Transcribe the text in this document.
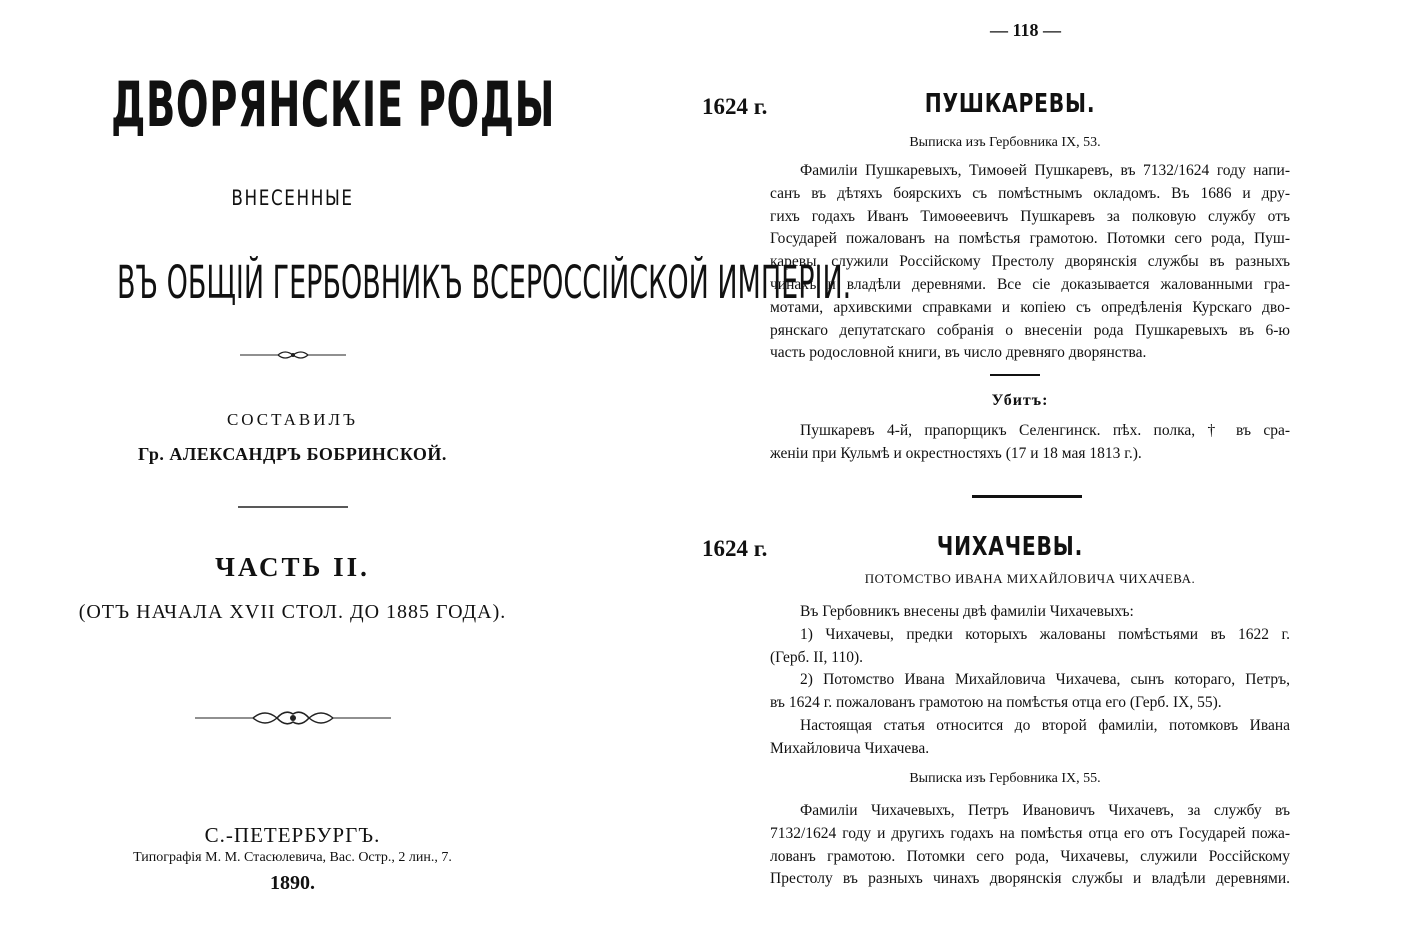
ДВОРЯНСКІЕ РОДЫ
ВНЕСЕННЫЕ
ВЪ ОБЩІЙ ГЕРБОВНИКЪ ВСЕРОССІЙСКОЙ ИМПЕРІИ.
СОСТАВИЛЪ
Гр. АЛЕКСАНДРЪ БОБРИНСКОЙ.
ЧАСТЬ II.
(ОТЪ НАЧАЛА XVII СТОЛ. ДО 1885 ГОДА).
С.-ПЕТЕРБУРГЪ.
Типографія М. М. Стасюлевича, Вас. Остр., 2 лин., 7.
1890.
— 118 —
1624 г.	ПУШКАРЕВЫ.
Выписка изъ Гербовника IX, 53.
Фамиліи Пушкаревыхъ, Тимоѳей Пушкаревъ, въ 7132/1624 году напи-
санъ въ дѣтяхъ боярскихъ съ помѣстнымъ окладомъ. Въ 1686 и дру-
гихъ годахъ Иванъ Тимоѳеевичъ Пушкаревъ за полковую службу отъ
Государей пожалованъ на помѣстья грамотою. Потомки сего рода, Пуш-
каревы, служили Россійскому Престолу дворянскія службы въ разныхъ
чинахъ и владѣли деревнями. Все сіе доказывается жалованными гра-
мотами, архивскими справками и копіею съ опредѣленія Курскаго дво-
рянскаго депутатскаго собранія о внесеніи рода Пушкаревыхъ въ 6-ю
часть родословной книги, въ число древняго дворянства.
Убитъ:
Пушкаревъ 4-й, прапорщикъ Селенгинск. пѣх. полка, † въ сра-
женіи при Кульмѣ и окрестностяхъ (17 и 18 мая 1813 г.).
1624 г.	ЧИХАЧЕВЫ.
ПОТОМСТВО ИВАНА МИХАЙЛОВИЧА ЧИХАЧЕВА.
Въ Гербовникъ внесены двѣ фамиліи Чихачевыхъ:
1) Чихачевы, предки которыхъ жалованы помѣстьями въ 1622 г.
(Герб. II, 110).
2) Потомство Ивана Михайловича Чихачева, сынъ котораго, Петръ,
въ 1624 г. пожалованъ грамотою на помѣстья отца его (Герб. IX, 55).
Настоящая статья относится до второй фамиліи, потомковъ Ивана
Михайловича Чихачева.
Выписка изъ Гербовника IX, 55.
Фамиліи Чихачевыхъ, Петръ Ивановичъ Чихачевъ, за службу въ
7132/1624 году и другихъ годахъ на помѣстья отца его отъ Государей пожа-
лованъ грамотою. Потомки сего рода, Чихачевы, служили Россійскому
Престолу въ разныхъ чинахъ дворянскія службы и владѣли деревнями.
